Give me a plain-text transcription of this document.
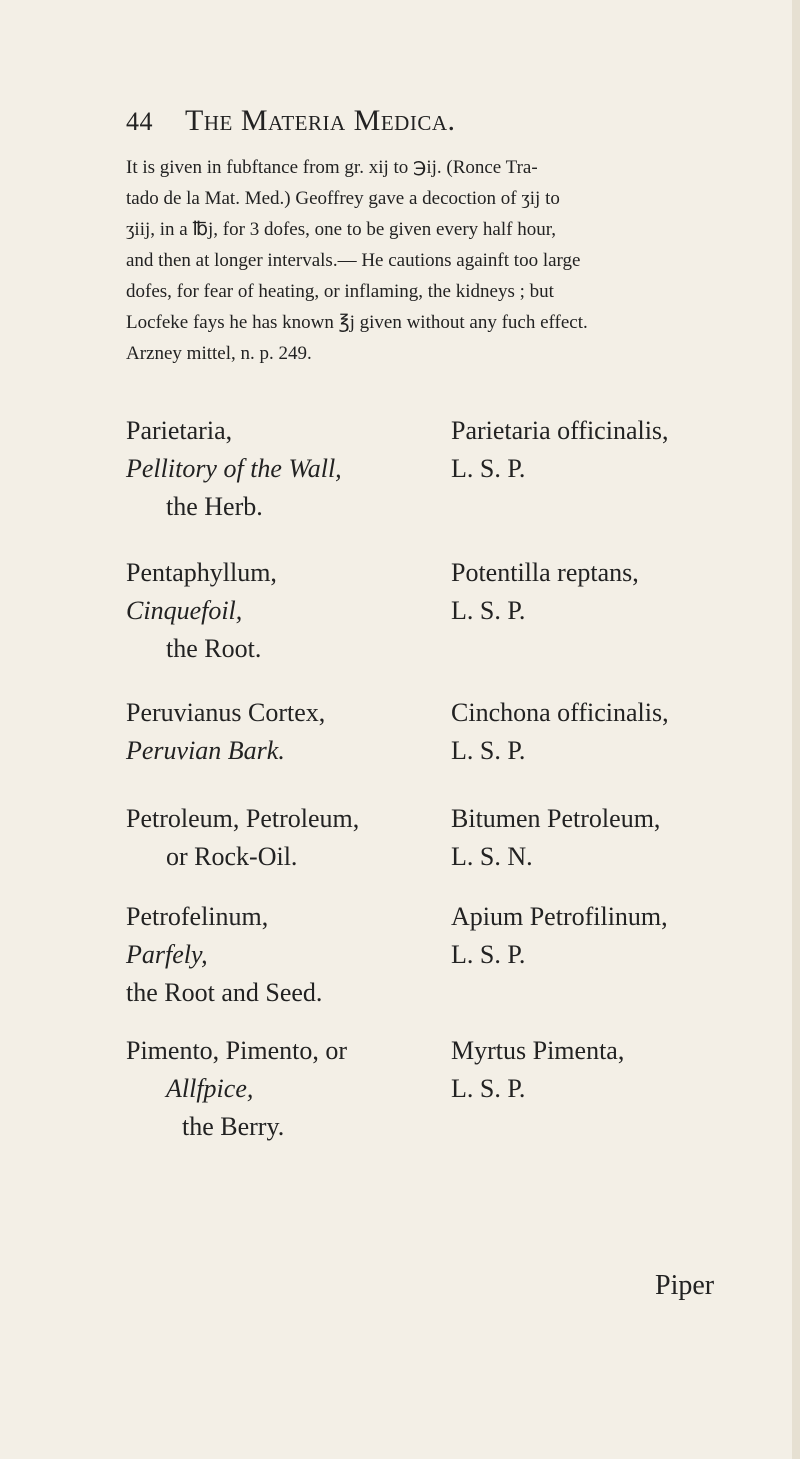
44 The Materia Medica.

It is given in fubftance from gr. xij to ℈ij. (Ronce Tra-

tado de la Mat. Med.) Geoffrey gave a decoction of ʒij to

ʒiij, in a ℔j, for 3 dofes, one to be given every half hour,

and then at longer intervals.— He cautions againft too large

dofes, for fear of heating, or inflaming, the kidneys ; but

Locfeke fays he has known ℥j given without any fuch effect.

Arzney mittel, n. p. 249.

Parietaria,
Pellitory of the Wall,
the Herb.
Parietaria officinalis,
L. S. P.
Pentaphyllum,
Cinquefoil,
the Root.
Potentilla reptans,
L. S. P.
Peruvianus Cortex,
Peruvian Bark.
Cinchona officinalis,
L. S. P.
Petroleum, Petroleum,
or Rock-Oil.
Bitumen Petroleum,
L. S. N.
Petrofelinum,
Parfely,
the Root and Seed.
Apium Petrofilinum,
L. S. P.
Pimento, Pimento, or
Allfpice,
the Berry.
Myrtus Pimenta,
L. S. P.
Piper
